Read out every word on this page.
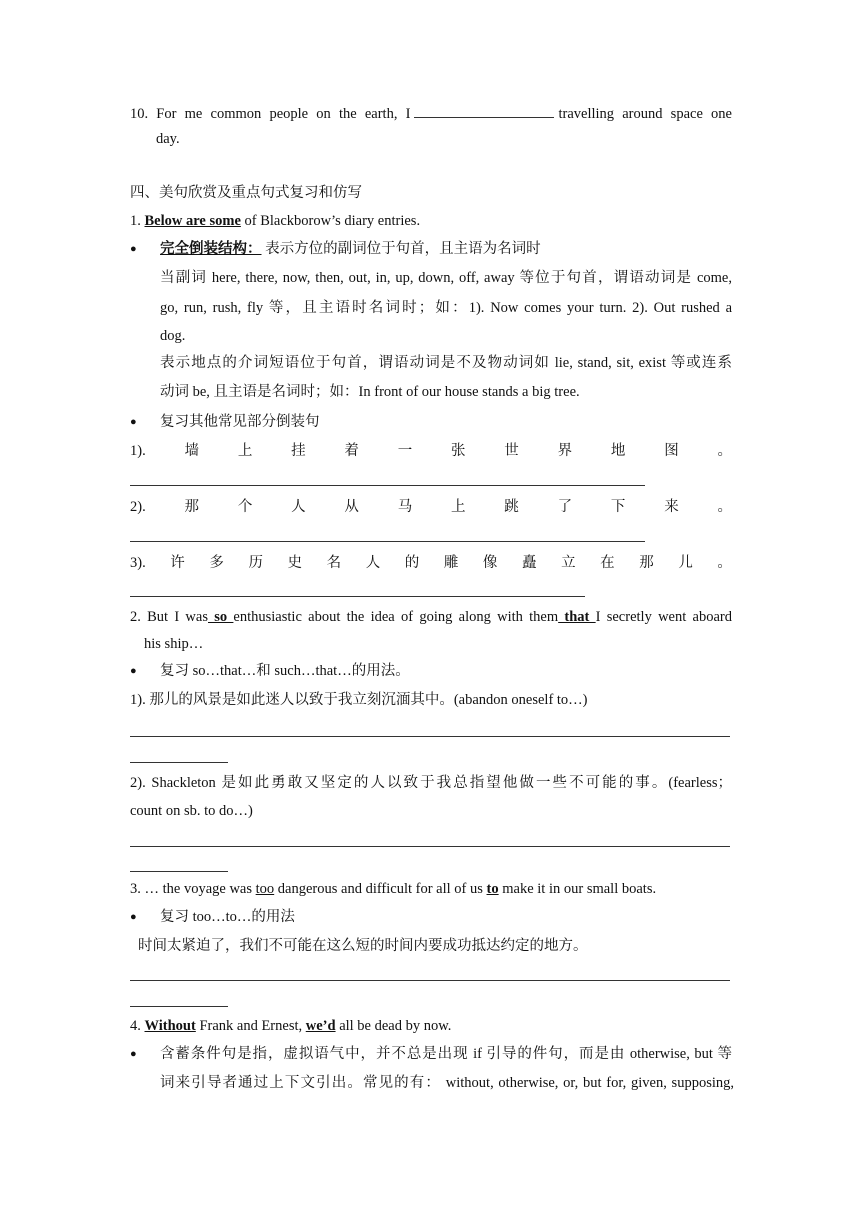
10. For me common people on the earth, I	travelling around space one
day.
四、美句欣赏及重点句式复习和仿写
1. Below are some of Blackborow’s diary entries.
● 完全倒装结构： 表示方位的副词位于句首，且主语为名词时
当副词 here, there, now, then, out, in, up, down, off, away 等位于句首，谓语动词是 come,
go, run, rush, fly 等，且主语时名词时；如：1). Now comes your turn. 2). Out rushed a
dog.
表示地点的介词短语位于句首，谓语动词是不及物动词如 lie, stand, sit, exist 等或连系
动词 be, 且主语是名词时；如：In front of our house stands a big tree.
● 复习其他常见部分倒装句
1).	墙	上	挂	着	一	张	世	界	地	图	。
2).	那	个	人	从	马	上	跳	了	下	来	。
3). 许 多 历 史 名 人 的 雕 像 矗 立 在 那 儿 。
2. But I was so enthusiastic about the idea of going along with them that I secretly went aboard
his ship…
● 复习 so…that…和 such…that…的用法。
1). 那儿的风景是如此迷人以致于我立刻沉湎其中。(abandon oneself to…)
2). Shackleton 是如此勇敢又坚定的人以致于我总指望他做一些不可能的事。(fearless；
count on sb. to do…)
3. … the voyage was too dangerous and difficult for all of us to make it in our small boats.
● 复习 too…to…的用法
时间太紧迫了，我们不可能在这么短的时间内要成功抵达约定的地方。
4. Without Frank and Ernest, we’d all be dead by now.
● 含蓄条件句是指，虚拟语气中，并不总是出现 if 引导的件句，而是由 otherwise, but 等
词来引导者通过上下文引出。常见的有： without, otherwise, or, but for, given, supposing,
